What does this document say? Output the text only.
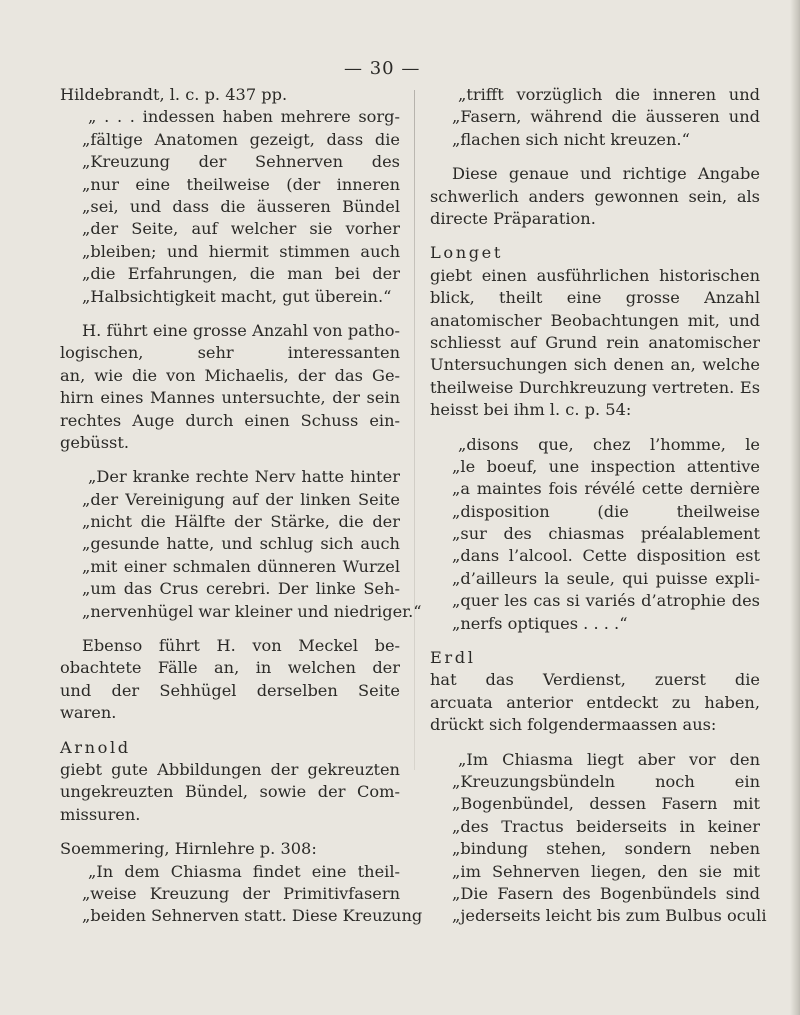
— 30 —
Hildebrandt, l. c. p. 437 pp.
„ . . . indessen haben mehrere sorg-
„fältige Anatomen gezeigt, dass die
„Kreuzung der Sehnerven des
„nur eine theilweise (der inneren
„sei, und dass die äusseren Bündel
„der Seite, auf welcher sie vorher
„bleiben; und hiermit stimmen auch
„die Erfahrungen, die man bei der
„Halbsichtigkeit macht, gut überein.“
H. führt eine grosse Anzahl von patho-
logischen, sehr interessanten
an, wie die von Michaelis, der das Ge-
hirn eines Mannes untersuchte, der sein
rechtes Auge durch einen Schuss ein-
gebüsst.
„Der kranke rechte Nerv hatte hinter
„der Vereinigung auf der linken Seite
„nicht die Hälfte der Stärke, die der
„gesunde hatte, und schlug sich auch
„mit einer schmalen dünneren Wurzel
„um das Crus cerebri. Der linke Seh-
„nervenhügel war kleiner und niedriger.“
Ebenso führt H. von Meckel be-
obachtete Fälle an, in welchen der
und der Sehhügel derselben Seite
waren.
Arnold
giebt gute Abbildungen der gekreuzten
ungekreuzten Bündel, sowie der Com-
missuren.
Soemmering, Hirnlehre p. 308:
„In dem Chiasma findet eine theil-
„weise Kreuzung der Primitivfasern
„beiden Sehnerven statt. Diese Kreuzung
„trifft vorzüglich die inneren und
„Fasern, während die äusseren und
„flachen sich nicht kreuzen.“
Diese genaue und richtige Angabe
schwerlich anders gewonnen sein, als
directe Präparation.
Longet
giebt einen ausführlichen historischen
blick, theilt eine grosse Anzahl
anatomischer Beobachtungen mit, und
schliesst auf Grund rein anatomischer
Untersuchungen sich denen an, welche
theilweise Durchkreuzung vertreten. Es
heisst bei ihm l. c. p. 54:
„disons que, chez l’homme, le
„le boeuf, une inspection attentive
„a maintes fois révélé cette dernière
„disposition (die theilweise
„sur des chiasmas préalablement
„dans l’alcool. Cette disposition est
„d’ailleurs la seule, qui puisse expli-
„quer les cas si variés d’atrophie des
„nerfs optiques . . . .“
Erdl
hat das Verdienst, zuerst die
arcuata anterior entdeckt zu haben,
drückt sich folgendermaassen aus:
„Im Chiasma liegt aber vor den
„Kreuzungsbündeln noch ein
„Bogenbündel, dessen Fasern mit
„des Tractus beiderseits in keiner
„bindung stehen, sondern neben
„im Sehnerven liegen, den sie mit
„Die Fasern des Bogenbündels sind
„jederseits leicht bis zum Bulbus oculi
